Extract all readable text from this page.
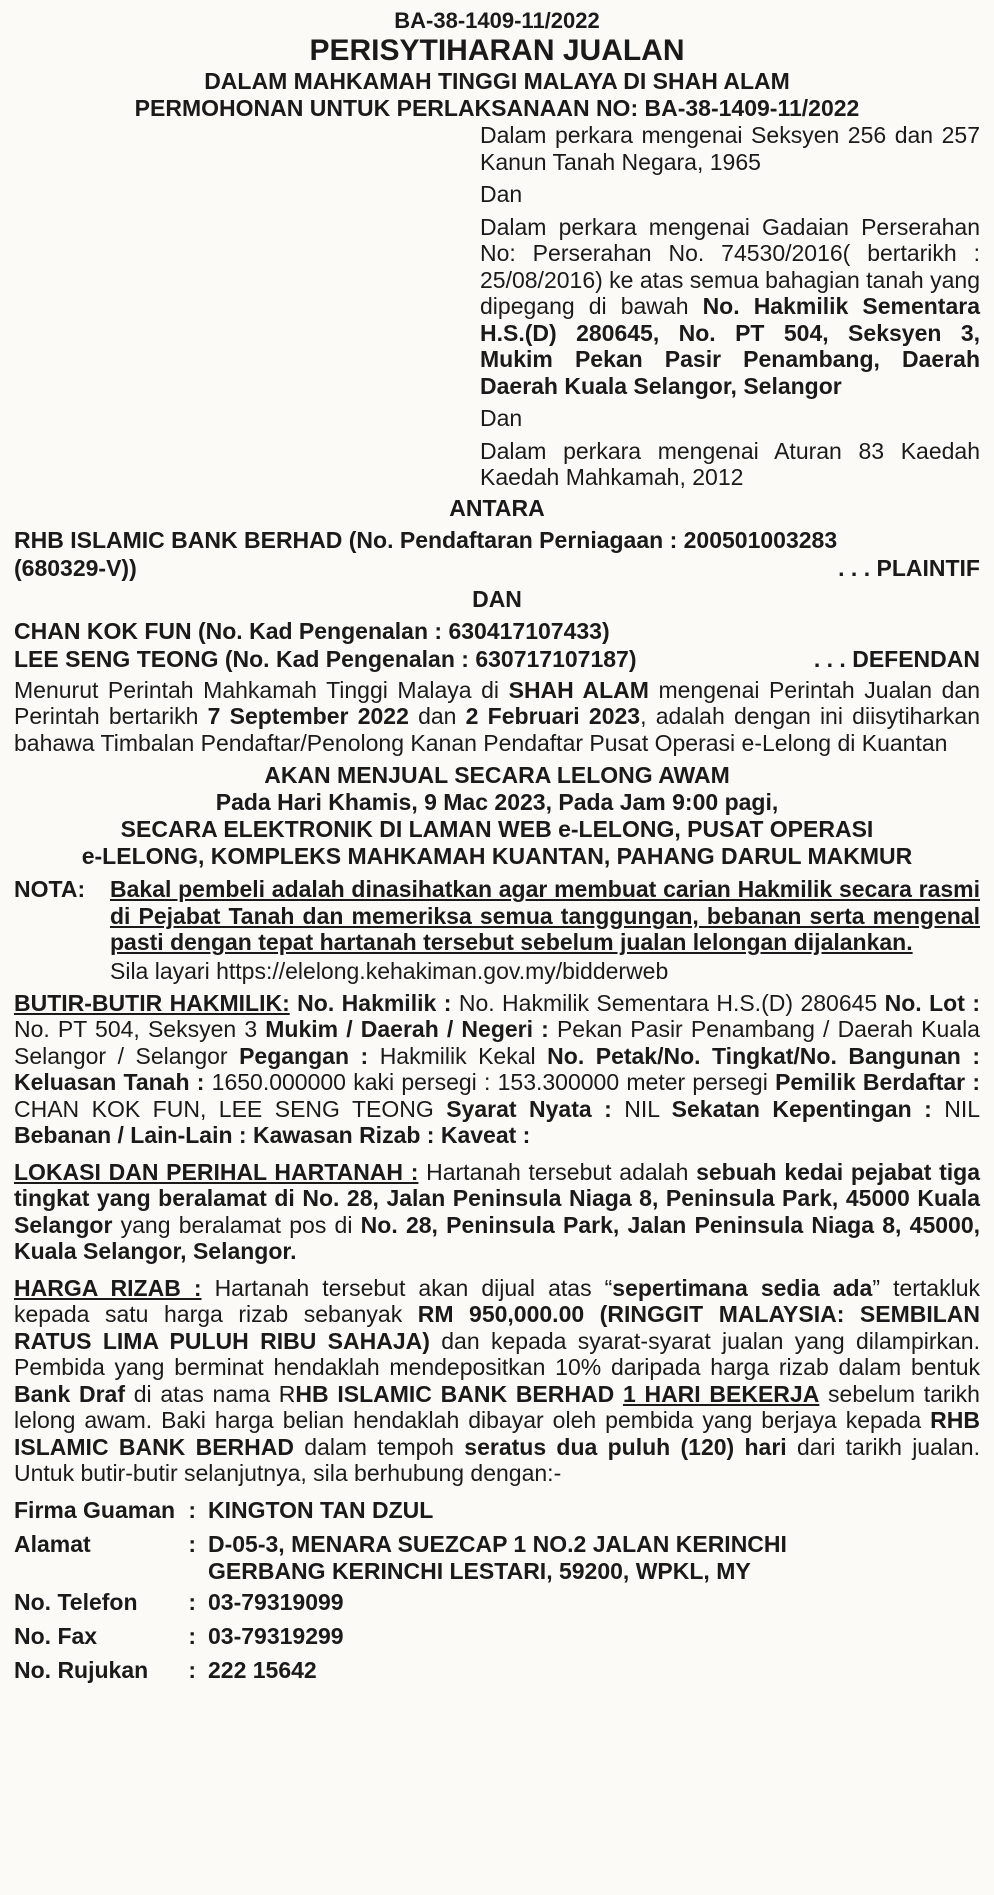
BA-38-1409-11/2022
PERISYTIHARAN JUALAN
DALAM MAHKAMAH TINGGI MALAYA DI SHAH ALAM
PERMOHONAN UNTUK PERLAKSANAAN NO: BA-38-1409-11/2022

Dalam perkara mengenai Seksyen 256 dan 257 Kanun Tanah Negara, 1965

Dan

Dalam perkara mengenai Gadaian Perserahan No: Perserahan No. 74530/2016( bertarikh : 25/08/2016) ke atas semua bahagian tanah yang dipegang di bawah No. Hakmilik Sementara H.S.(D) 280645, No. PT 504, Seksyen 3, Mukim Pekan Pasir Penambang, Daerah Daerah Kuala Selangor, Selangor

Dan

Dalam perkara mengenai Aturan 83 Kaedah Kaedah Mahkamah, 2012

ANTARA
RHB ISLAMIC BANK BERHAD (No. Pendaftaran Perniagaan : 200501003283
(680329-V))	. . . PLAINTIF
DAN
CHAN KOK FUN (No. Kad Pengenalan : 630417107433)
LEE SENG TEONG (No. Kad Pengenalan : 630717107187)	. . . DEFENDAN
Menurut Perintah Mahkamah Tinggi Malaya di SHAH ALAM mengenai Perintah Jualan dan Perintah bertarikh 7 September 2022 dan 2 Februari 2023, adalah dengan ini diisytiharkan bahawa Timbalan Pendaftar/Penolong Kanan Pendaftar Pusat Operasi e-Lelong di Kuantan
AKAN MENJUAL SECARA LELONG AWAM
Pada Hari Khamis, 9 Mac 2023, Pada Jam 9:00 pagi,
SECARA ELEKTRONIK DI LAMAN WEB e-LELONG, PUSAT OPERASI
e-LELONG, KOMPLEKS MAHKAMAH KUANTAN, PAHANG DARUL MAKMUR
NOTA:	Bakal pembeli adalah dinasihatkan agar membuat carian Hakmilik secara rasmi di Pejabat Tanah dan memeriksa semua tanggungan, bebanan serta mengenal pasti dengan tepat hartanah tersebut sebelum jualan lelongan dijalankan.
Sila layari https://elelong.kehakiman.gov.my/bidderweb
BUTIR-BUTIR HAKMILIK: No. Hakmilik : No. Hakmilik Sementara H.S.(D) 280645 No. Lot : No. PT 504, Seksyen 3 Mukim / Daerah / Negeri : Pekan Pasir Penambang / Daerah Kuala Selangor / Selangor Pegangan : Hakmilik Kekal No. Petak/No. Tingkat/No. Bangunan : Keluasan Tanah : 1650.000000 kaki persegi : 153.300000 meter persegi Pemilik Berdaftar : CHAN KOK FUN, LEE SENG TEONG Syarat Nyata : NIL Sekatan Kepentingan : NIL Bebanan / Lain-Lain : Kawasan Rizab : Kaveat :
LOKASI DAN PERIHAL HARTANAH : Hartanah tersebut adalah sebuah kedai pejabat tiga tingkat yang beralamat di No. 28, Jalan Peninsula Niaga 8, Peninsula Park, 45000 Kuala Selangor yang beralamat pos di No. 28, Peninsula Park, Jalan Peninsula Niaga 8, 45000, Kuala Selangor, Selangor.
HARGA RIZAB : Hartanah tersebut akan dijual atas “sepertimana sedia ada” tertakluk kepada satu harga rizab sebanyak RM 950,000.00 (RINGGIT MALAYSIA: SEMBILAN RATUS LIMA PULUH RIBU SAHAJA) dan kepada syarat-syarat jualan yang dilampirkan. Pembida yang berminat hendaklah mendepositkan 10% daripada harga rizab dalam bentuk Bank Draf di atas nama RHB ISLAMIC BANK BERHAD 1 HARI BEKERJA sebelum tarikh lelong awam. Baki harga belian hendaklah dibayar oleh pembida yang berjaya kepada RHB ISLAMIC BANK BERHAD dalam tempoh seratus dua puluh (120) hari dari tarikh jualan. Untuk butir-butir selanjutnya, sila berhubung dengan:-
Firma Guaman : KINGTON TAN DZUL
Alamat	: D-05-3, MENARA SUEZCAP 1 NO.2 JALAN KERINCHI
GERBANG KERINCHI LESTARI, 59200, WPKL, MY
No. Telefon : 03-79319099
No. Fax	: 03-79319299
No. Rujukan : 222 15642
